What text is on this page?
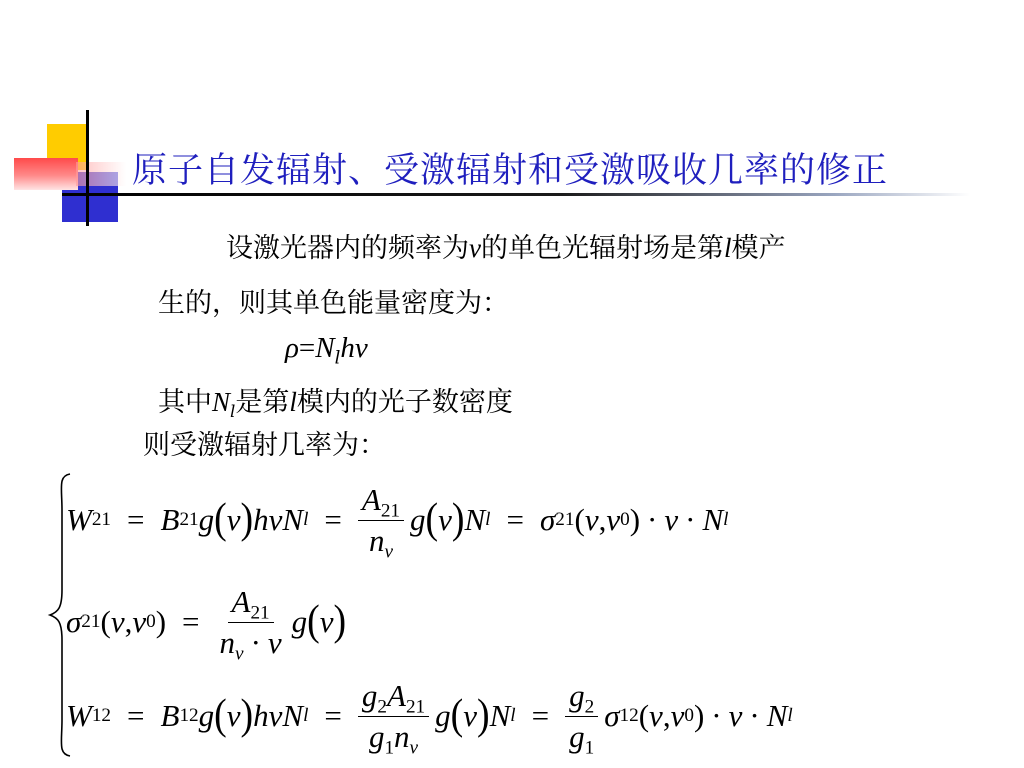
原子自发辐射、受激辐射和受激吸收几率的修正
设激光器内的频率为ν的单色光辐射场是第l模产
生的，则其单色能量密度为：
$\rho=N_lh\nu$
其中$N_l$是第l模内的光子数密度
则受激辐射几率为：
W 21 = B 21 g ( ν ) h ν N $l = \frac{A_{21}}{n_\nu}$ g ( ν ) N l = σ 21 ( ν , ν 0 ) · v · N l
σ 21 ( ν , ν 0 ) = $\frac{A_{21}}{n_\nu \cdot v}$ g ( ν )
W 12 = B 12 g ( ν ) h ν N $l = \frac{g_2A_{21}}{g_1n_\nu}$ g ( ν ) N $l = \frac{g_2}{g_1}$ σ 12 ( ν , ν 0 ) · v · N l
